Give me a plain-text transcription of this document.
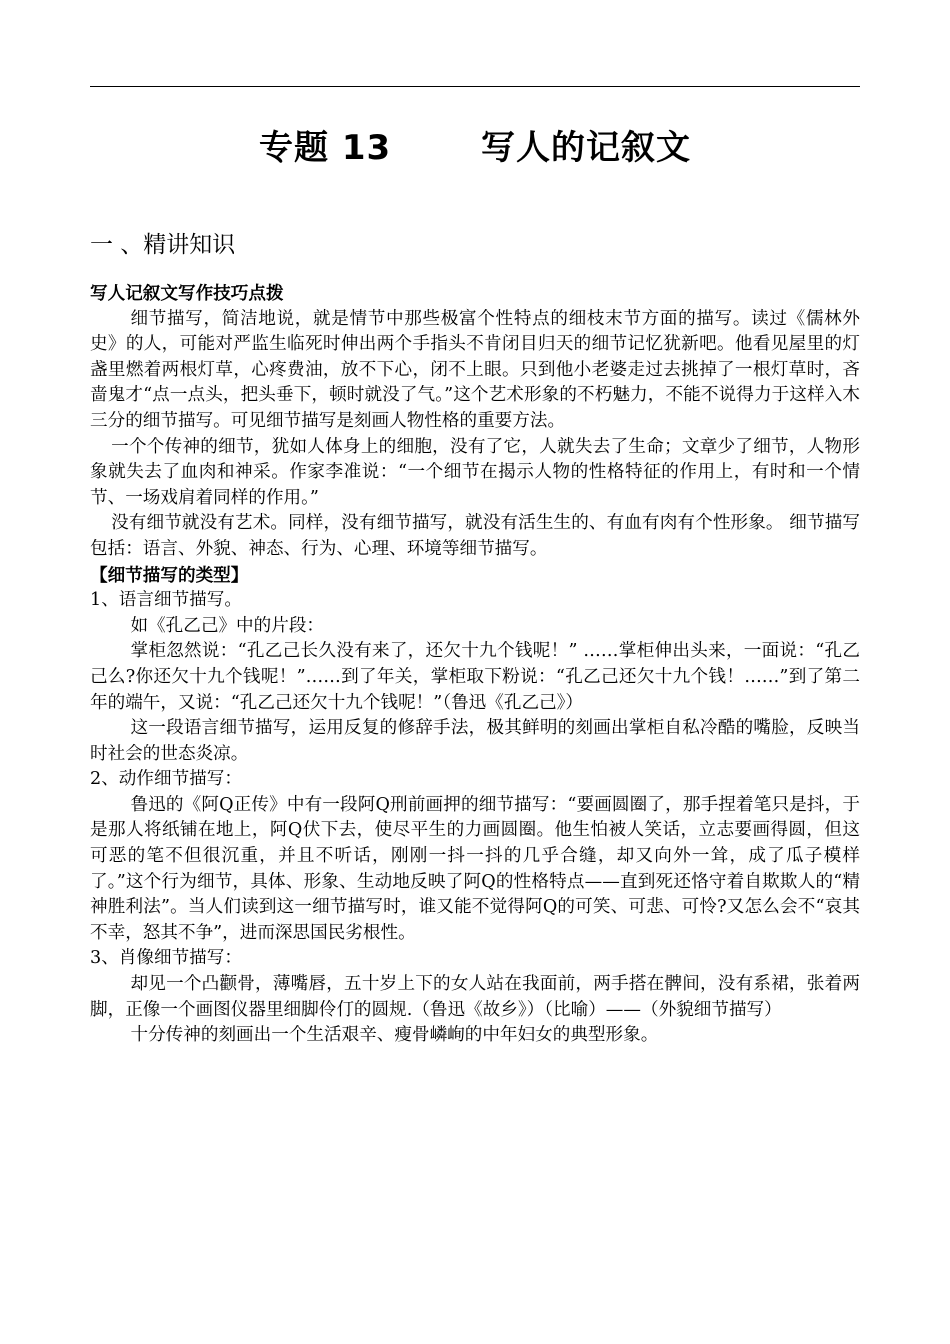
专题 13       写人的记叙文
一 、精讲知识

写人记叙文写作技巧点拨

细节描写，简洁地说，就是情节中那些极富个性特点的细枝末节方面的描写。读过《儒林外史》的人，可能对严监生临死时伸出两个手指头不肯闭目归天的细节记忆犹新吧。他看见屋里的灯盏里燃着两根灯草，心疼费油，放不下心，闭不上眼。只到他小老婆走过去挑掉了一根灯草时，吝啬鬼才“点一点头，把头垂下，顿时就没了气。”这个艺术形象的不朽魅力，不能不说得力于这样入木三分的细节描写。可见细节描写是刻画人物性格的重要方法。

一个个传神的细节，犹如人体身上的细胞，没有了它，人就失去了生命；文章少了细节，人物形象就失去了血肉和神采。作家李准说：“一个细节在揭示人物的性格特征的作用上，有时和一个情节、一场戏肩着同样的作用。”

没有细节就没有艺术。同样，没有细节描写，就没有活生生的、有血有肉有个性形象。 细节描写包括：语言、外貌、神态、行为、心理、环境等细节描写。

【细节描写的类型】

1、语言细节描写。

如《孔乙己》中的片段：

掌柜忽然说：“孔乙己长久没有来了，还欠十九个钱呢！” ……掌柜伸出头来，一面说：“孔乙己么?你还欠十九个钱呢！”……到了年关，掌柜取下粉说：“孔乙己还欠十九个钱！……”到了第二年的端午，又说：“孔乙己还欠十九个钱呢！”（鲁迅《孔乙己》）

这一段语言细节描写，运用反复的修辞手法，极其鲜明的刻画出掌柜自私冷酷的嘴脸，反映当时社会的世态炎凉。

2、动作细节描写：

鲁迅的《阿Q正传》中有一段阿Q刑前画押的细节描写：“要画圆圈了，那手捏着笔只是抖，于是那人将纸铺在地上，阿Q伏下去，使尽平生的力画圆圈。他生怕被人笑话，立志要画得圆，但这可恶的笔不但很沉重，并且不听话，刚刚一抖一抖的几乎合缝，却又向外一耸，成了瓜子模样了。”这个行为细节，具体、形象、生动地反映了阿Q的性格特点——直到死还恪守着自欺欺人的“精神胜利法”。当人们读到这一细节描写时，谁又能不觉得阿Q的可笑、可悲、可怜?又怎么会不“哀其不幸，怒其不争”，进而深思国民劣根性。

3、肖像细节描写：

却见一个凸颧骨，薄嘴唇，五十岁上下的女人站在我面前，两手搭在髀间，没有系裙，张着两脚，正像一个画图仪器里细脚伶仃的圆规.（鲁迅《故乡》）（比喻）——（外貌细节描写）

十分传神的刻画出一个生活艰辛、瘦骨嶙峋的中年妇女的典型形象。
